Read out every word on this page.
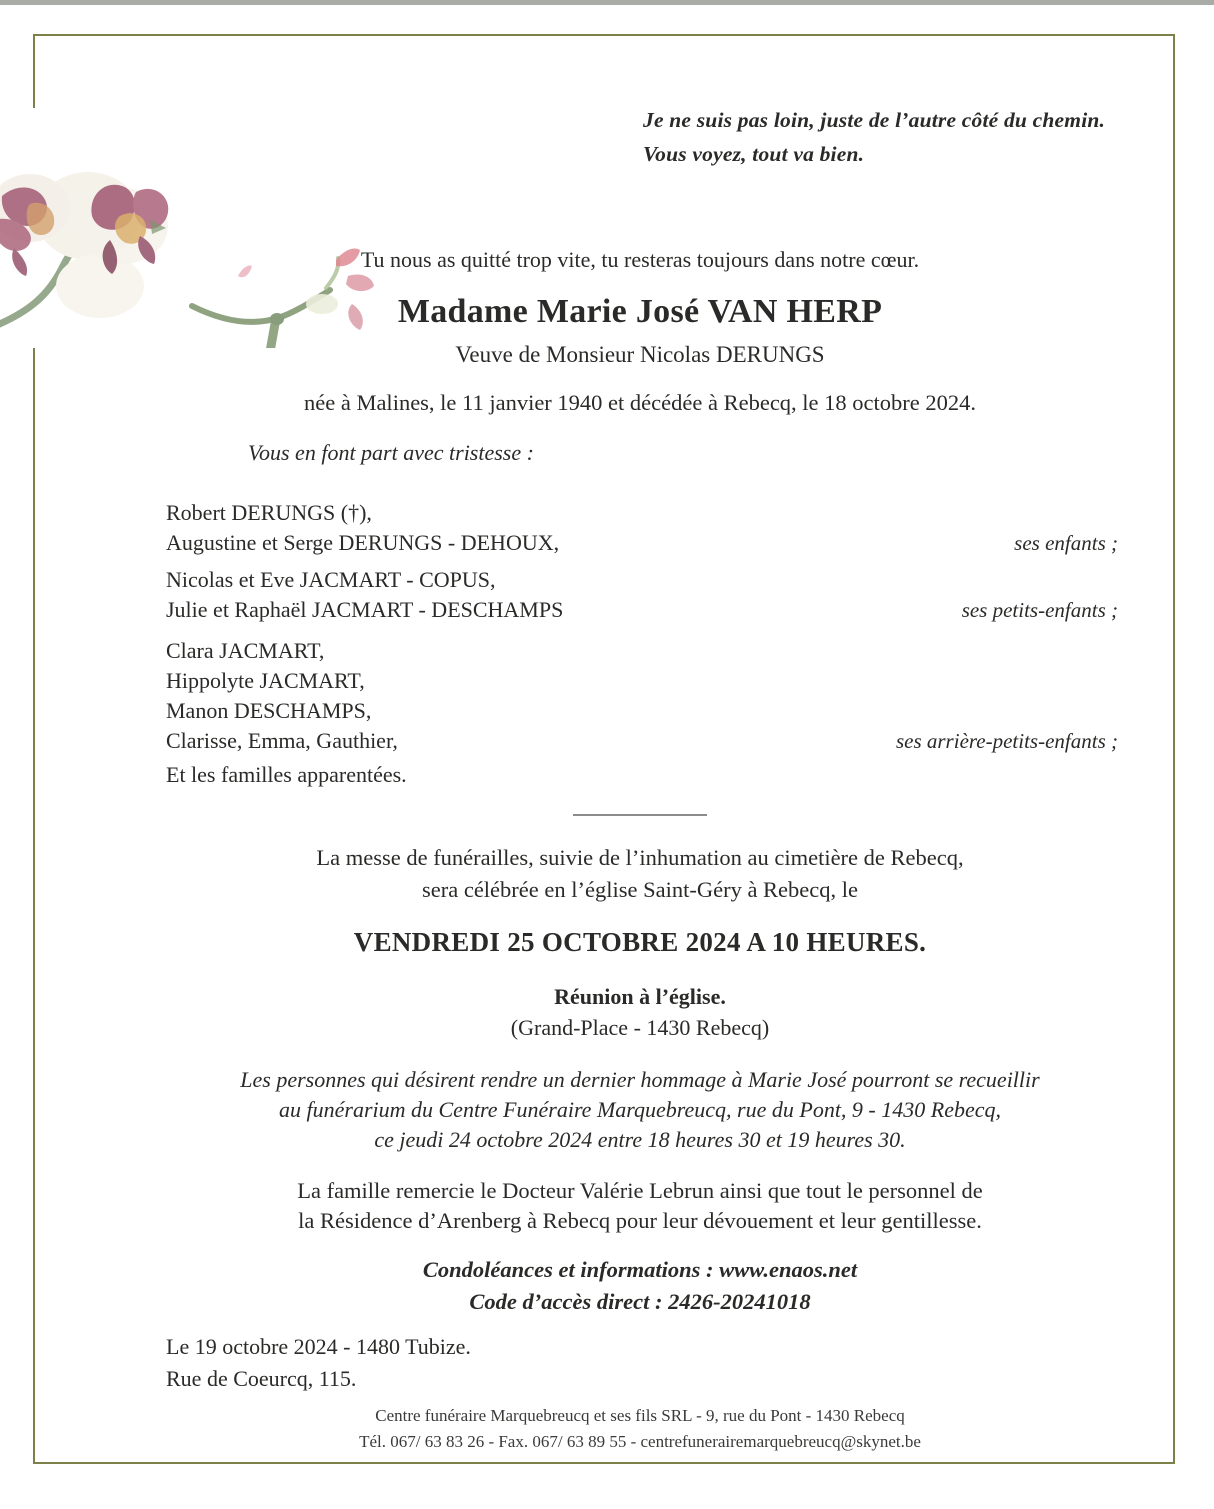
Je ne suis pas loin, juste de l’autre côté du chemin.
Vous voyez, tout va bien.
Tu nous as quitté trop vite, tu resteras toujours dans notre cœur.
Madame Marie José VAN HERP
Veuve de Monsieur Nicolas DERUNGS
née à Malines, le 11 janvier 1940 et décédée à Rebecq, le 18 octobre 2024.
Vous en font part avec tristesse :
Robert DERUNGS (†),
Augustine et Serge DERUNGS - DEHOUX,	ses enfants ;
Nicolas et Eve JACMART - COPUS,
Julie et Raphaël JACMART - DESCHAMPS	ses petits-enfants ;
Clara JACMART,
Hippolyte JACMART,
Manon DESCHAMPS,
Clarisse, Emma, Gauthier,	ses arrière-petits-enfants ;
Et les familles apparentées.
La messe de funérailles, suivie de l’inhumation au cimetière de Rebecq,
sera célébrée en l’église Saint-Géry à Rebecq, le
VENDREDI 25 OCTOBRE 2024 A 10 HEURES.
Réunion à l’église.
(Grand-Place - 1430 Rebecq)
Les personnes qui désirent rendre un dernier hommage à Marie José pourront se recueillir
au funérarium du Centre Funéraire Marquebreucq, rue du Pont, 9 - 1430 Rebecq,
ce jeudi 24 octobre 2024 entre 18 heures 30 et 19 heures 30.
La famille remercie le Docteur Valérie Lebrun ainsi que tout le personnel de
la Résidence d’Arenberg à Rebecq pour leur dévouement et leur gentillesse.
Condoléances et informations : www.enaos.net
Code d’accès direct : 2426-20241018
Le 19 octobre 2024 - 1480 Tubize.
Rue de Coeurcq, 115.
Centre funéraire Marquebreucq et ses fils SRL - 9, rue du Pont - 1430 Rebecq
Tél. 067/ 63 83 26 - Fax. 067/ 63 89 55 - centrefunerairemarquebreucq@skynet.be
